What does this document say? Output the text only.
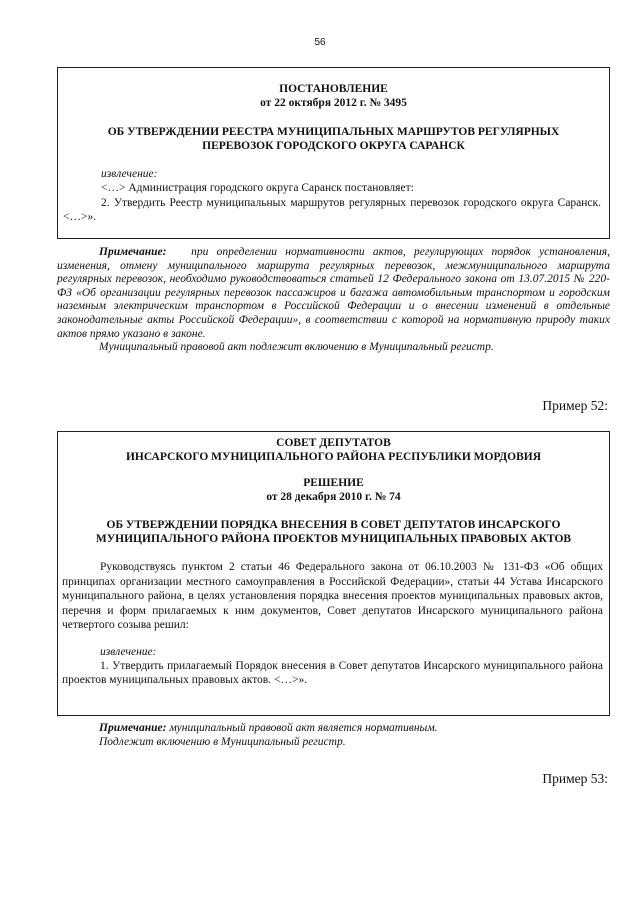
56
ПОСТАНОВЛЕНИЕ
от 22 октября 2012 г. № 3495
ОБ УТВЕРЖДЕНИИ РЕЕСТРА МУНИЦИПАЛЬНЫХ МАРШРУТОВ РЕГУЛЯРНЫХ
ПЕРЕВОЗОК ГОРОДСКОГО ОКРУГА САРАНСК

извлечение:

<…> Администрация городского округа Саранск постановляет:

2. Утвердить Реестр муниципальных маршрутов регулярных перевозок городского округа Саранск. <…>».

Примечание: при определении нормативности актов, регулирующих порядок установления, изменения, отмену муниципального маршрута регулярных перевозок, межмуниципального маршрута регулярных перевозок, необходимо руководствоваться статьей 12 Федерального закона от 13.07.2015 № 220-ФЗ «Об организации регулярных перевозок пассажиров и багажа автомобильным транспортом и городским наземным электрическим транспортом в Российской Федерации и о внесении изменений в отдельные законодательные акты Российской Федерации», в соответствии с которой на нормативную природу таких актов прямо указано в законе.

Муниципальный правовой акт подлежит включению в Муниципальный регистр.

Пример 52:
СОВЕТ ДЕПУТАТОВ
ИНСАРСКОГО МУНИЦИПАЛЬНОГО РАЙОНА РЕСПУБЛИКИ МОРДОВИЯ
РЕШЕНИЕ
от 28 декабря 2010 г. № 74
ОБ УТВЕРЖДЕНИИ ПОРЯДКА ВНЕСЕНИЯ В СОВЕТ ДЕПУТАТОВ ИНСАРСКОГО
МУНИЦИПАЛЬНОГО РАЙОНА ПРОЕКТОВ МУНИЦИПАЛЬНЫХ ПРАВОВЫХ АКТОВ

Руководствуясь пунктом 2 статьи 46 Федерального закона от 06.10.2003 № 131-ФЗ «Об общих принципах организации местного самоуправления в Российской Федерации», статьи 44 Устава Инсарского муниципального района, в целях установления порядка внесения проектов муниципальных правовых актов, перечня и форм прилагаемых к ним документов, Совет депутатов Инсарского муниципального района четвертого созыва решил:

извлечение:

1. Утвердить прилагаемый Порядок внесения в Совет депутатов Инсарского муниципального района проектов муниципальных правовых актов. <…>».

Примечание: муниципальный правовой акт является нормативным.

Подлежит включению в Муниципальный регистр.

Пример 53:
